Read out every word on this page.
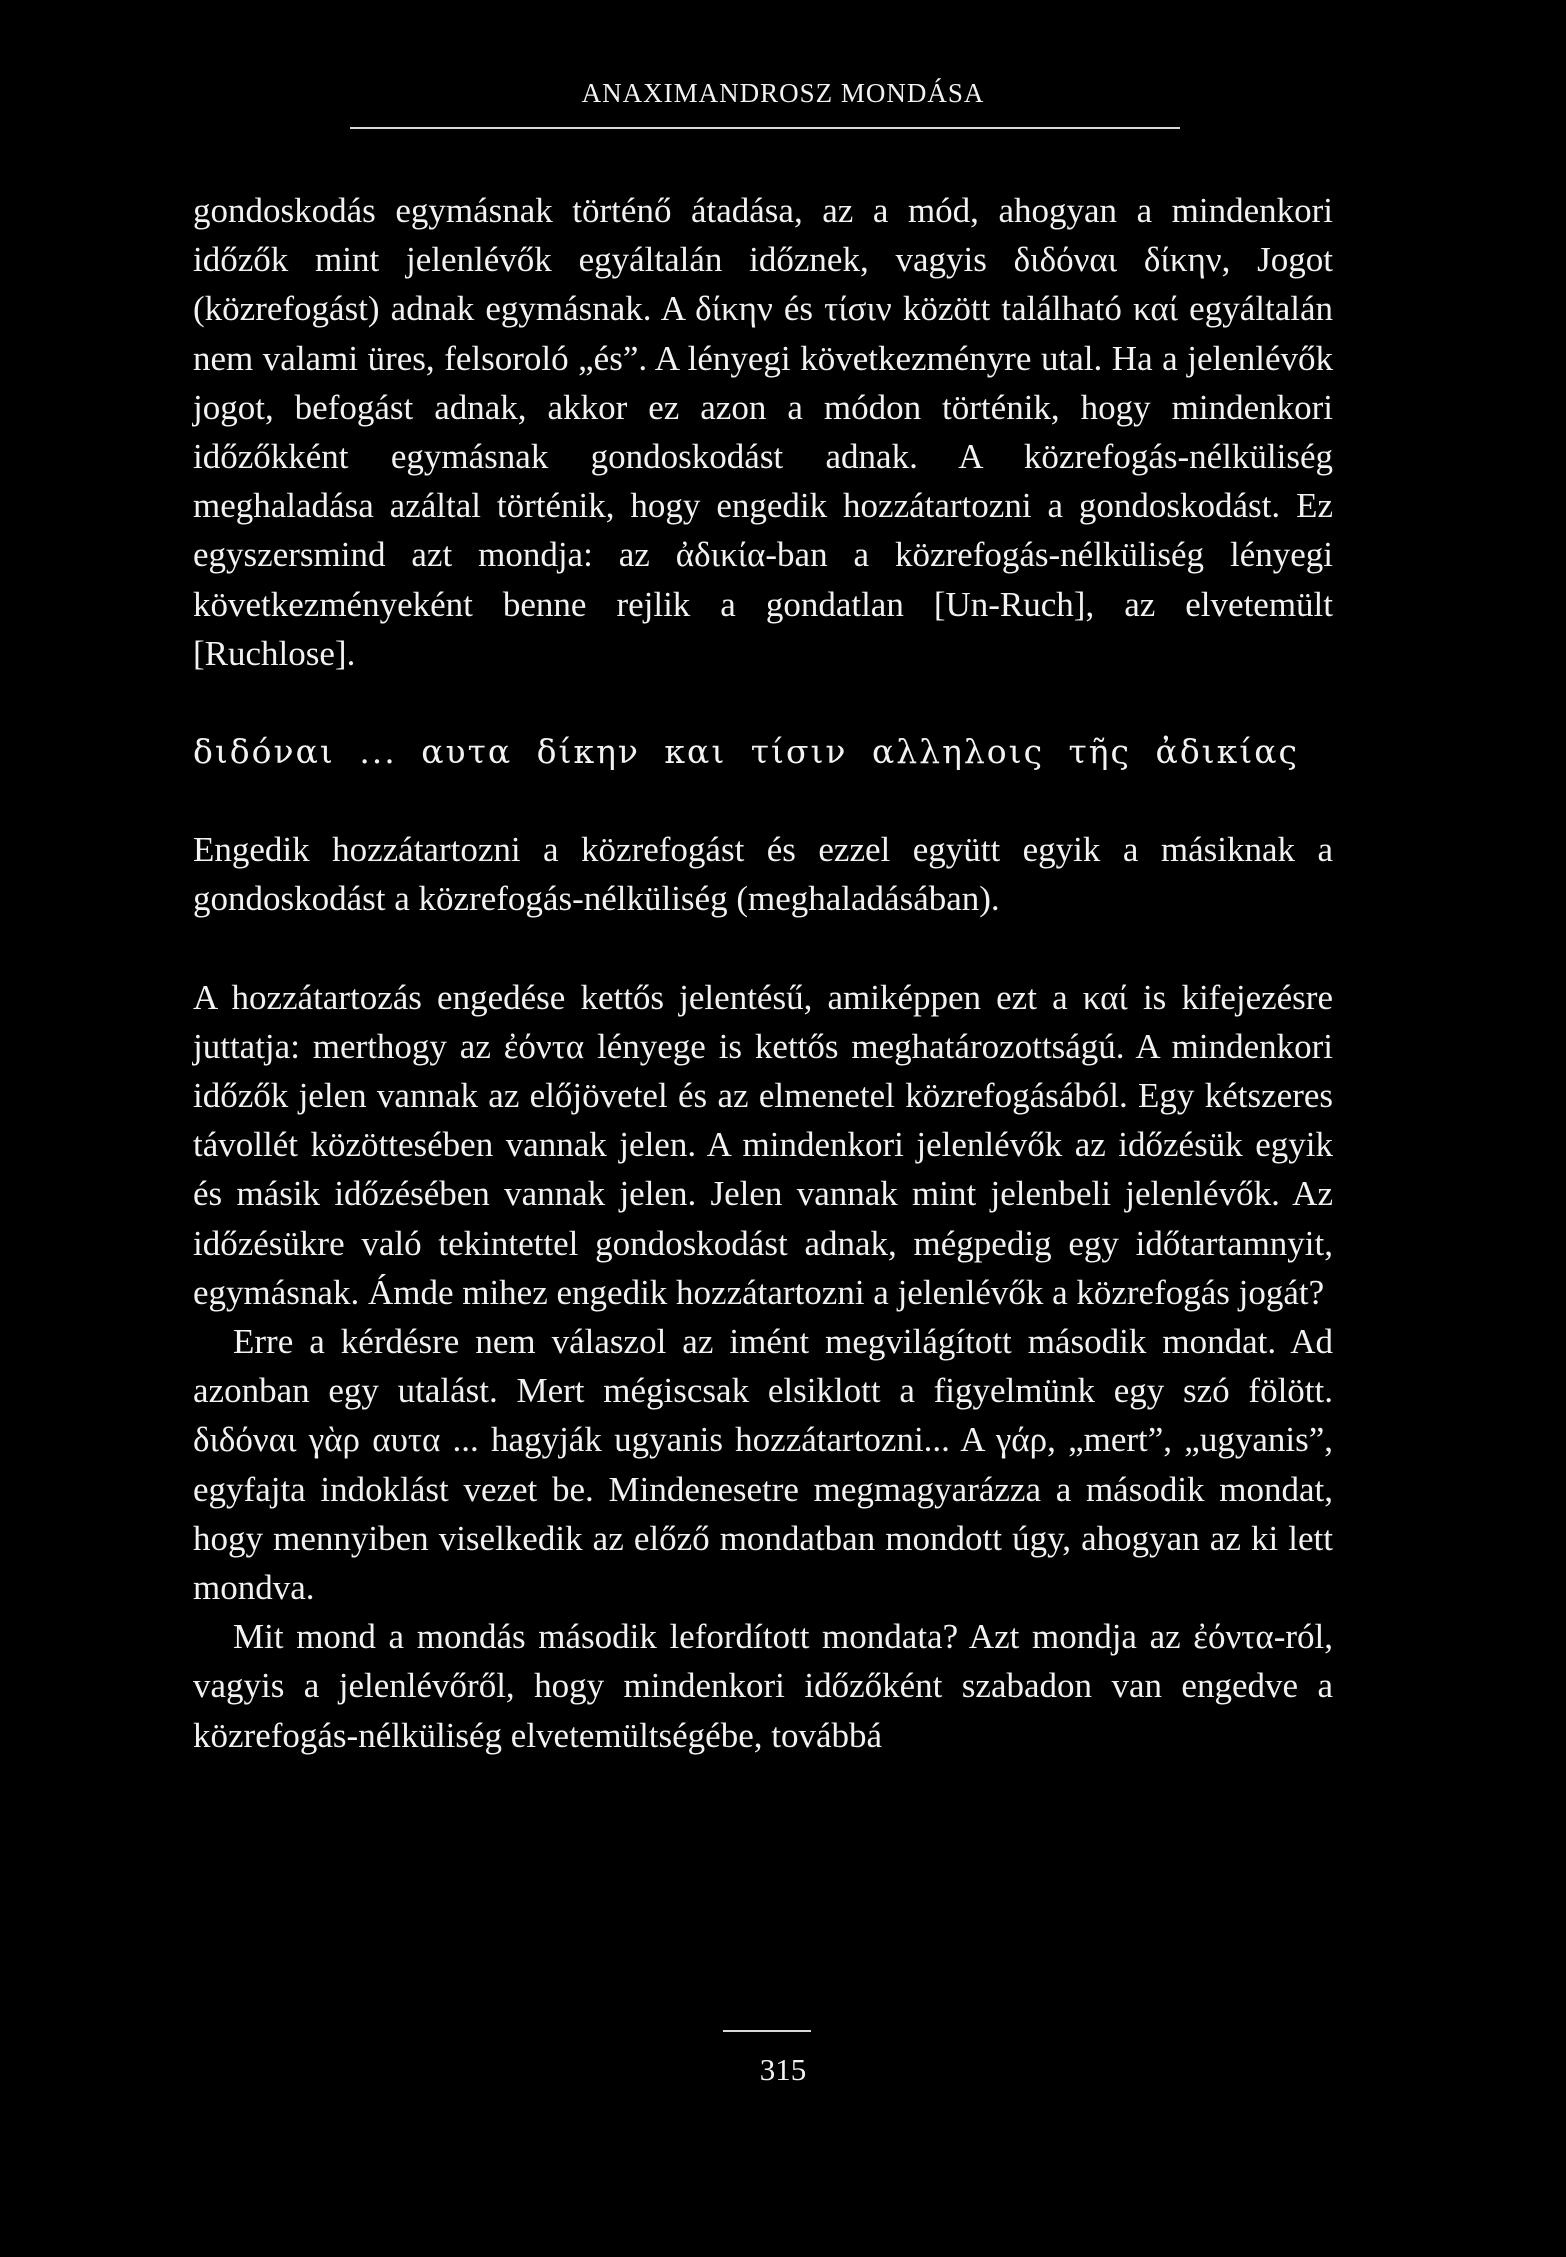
ANAXIMANDROSZ MONDÁSA

gondoskodás egymásnak történő átadása, az a mód, ahogyan a mindenkori időzők mint jelenlévők egyáltalán időznek, vagyis διδόναι δίκην, Jogot (közrefogást) adnak egymásnak. A δίκην és τίσιν között található καί egyáltalán nem valami üres, felsoroló „és”. A lényegi következményre utal. Ha a jelenlévők jogot, befogást adnak, akkor ez azon a módon történik, hogy mindenkori időzőkként egymásnak gondoskodást adnak. A közrefogás-nélküliség meghaladása azáltal történik, hogy engedik hozzátartozni a gondoskodást. Ez egyszersmind azt mondja: az ἀδικία-ban a közrefogás-nélküliség lényegi következményeként benne rejlik a gondatlan [Un-Ruch], az elvetemült [Ruchlose].

διδόναι ... αυτα δίκην και τίσιν αλληλοις τῆς ἀδικίας

Engedik hozzátartozni a közrefogást és ezzel együtt egyik a másiknak a gondoskodást a közrefogás-nélküliség (meghaladásában).

A hozzátartozás engedése kettős jelentésű, amiképpen ezt a καί is kifejezésre juttatja: merthogy az ἐόντα lényege is kettős meghatározottságú. A mindenkori időzők jelen vannak az előjövetel és az elmenetel közrefogásából. Egy kétszeres távollét közöttesében vannak jelen. A mindenkori jelenlévők az időzésük egyik és másik időzésében vannak jelen. Jelen vannak mint jelenbeli jelenlévők. Az időzésükre való tekintettel gondoskodást adnak, mégpedig egy időtartamnyit, egymásnak. Ámde mihez engedik hozzátartozni a jelenlévők a közrefogás jogát?

Erre a kérdésre nem válaszol az imént megvilágított második mondat. Ad azonban egy utalást. Mert mégiscsak elsiklott a figyelmünk egy szó fölött. διδόναι γὰρ αυτα ... hagyják ugyanis hozzátartozni... A γάρ, „mert”, „ugyanis”, egyfajta indoklást vezet be. Mindenesetre megmagyarázza a második mondat, hogy mennyiben viselkedik az előző mondatban mondott úgy, ahogyan az ki lett mondva.

Mit mond a mondás második lefordított mondata? Azt mondja az ἐόντα-ról, vagyis a jelenlévőről, hogy mindenkori időzőként szabadon van engedve a közrefogás-nélküliség elvetemültségébe, továbbá

315
